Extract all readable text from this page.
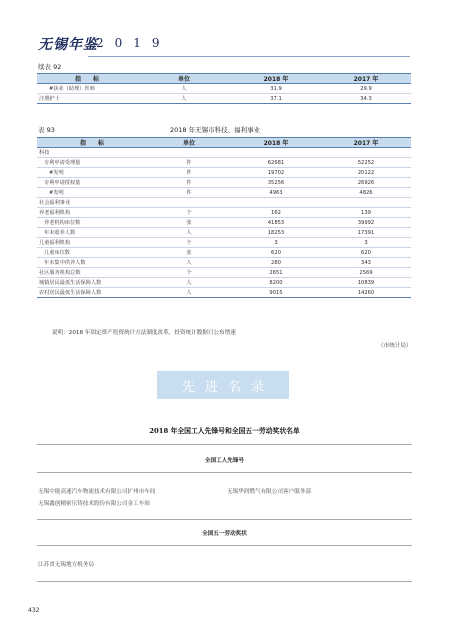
无锡年鉴
2019
续表 92
指　　标	单位	2018 年	2017 年
#执业（助理）医师	人	31.9	29.9
注册护士	人	37.1	34.3
表 93	2018 年无锡市科技、福利事业
指　　标	单位	2018 年	2017 年
科技			
专利申请受理量	件	62681	52252
#发明	件	19702	20122
专利申请授权量	件	35256	26926
#发明	件	4963	4826
社会福利事业			
养老福利机构	个	162	139
养老机构床位数	张	41853	39992
年末收养人数	人	18253	17391
儿童福利机构	个	3	3
儿童床位数	张	620	620
年末集中供养人数	人	280	343
社区服务机构总数	个	2651	2569
城镇居民最低生活保障人数	人	8200	10839
农村居民最低生活保障人数	人	9015	14260
说明：2018 年固定资产投资统计方法制度改革，投资统计数据只公布增速
（市统计局）
先进名录
2018 年全国工人先锋号和全国五一劳动奖状名单
全国工人先锋号
无锡中能高速汽车物流技术有限公司扩州市车间
无锡鑫创精密压铸技术股份有限公司金工车间
无锡华润燃气有限公司客户服务部
全国五一劳动奖状
江苏省无锡地方税务局
432
